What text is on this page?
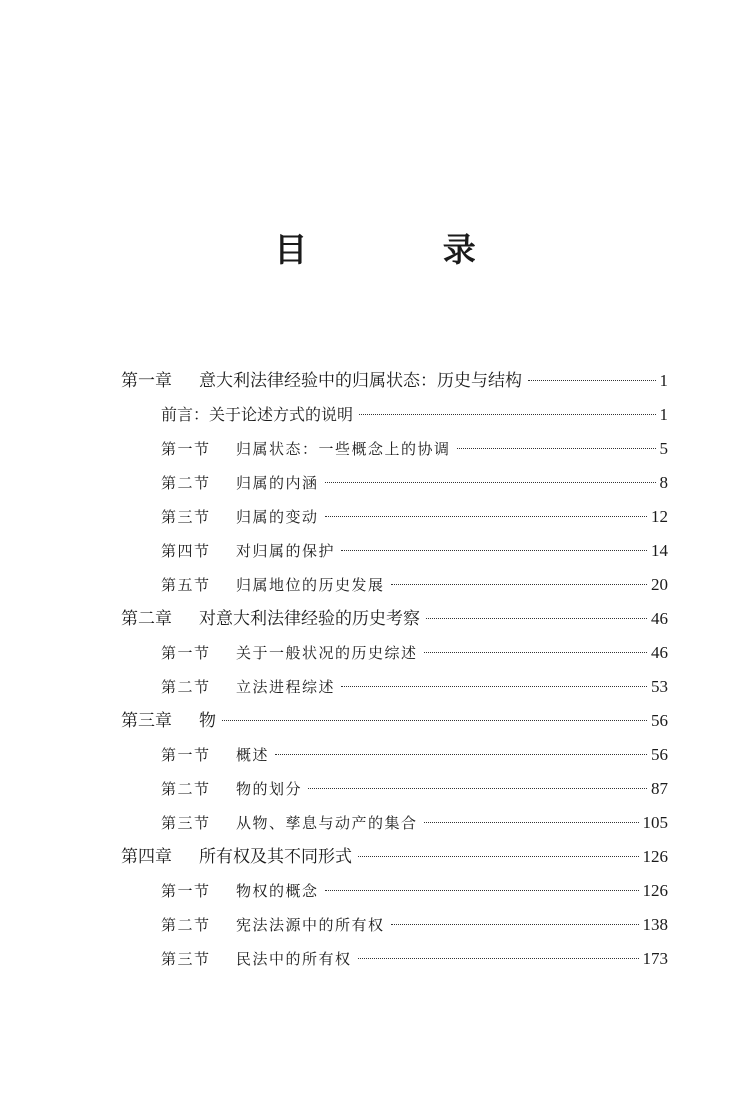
目 录
第一章	意大利法律经验中的归属状态：历史与结构	1
前言：关于论述方式的说明	1
第一节	归属状态：一些概念上的协调	5
第二节	归属的内涵	8
第三节	归属的变动	12
第四节	对归属的保护	14
第五节	归属地位的历史发展	20
第二章	对意大利法律经验的历史考察	46
第一节	关于一般状况的历史综述	46
第二节	立法进程综述	53
第三章	物	56
第一节	概述	56
第二节	物的划分	87
第三节	从物、孳息与动产的集合	105
第四章	所有权及其不同形式	126
第一节	物权的概念	126
第二节	宪法法源中的所有权	138
第三节	民法中的所有权	173
